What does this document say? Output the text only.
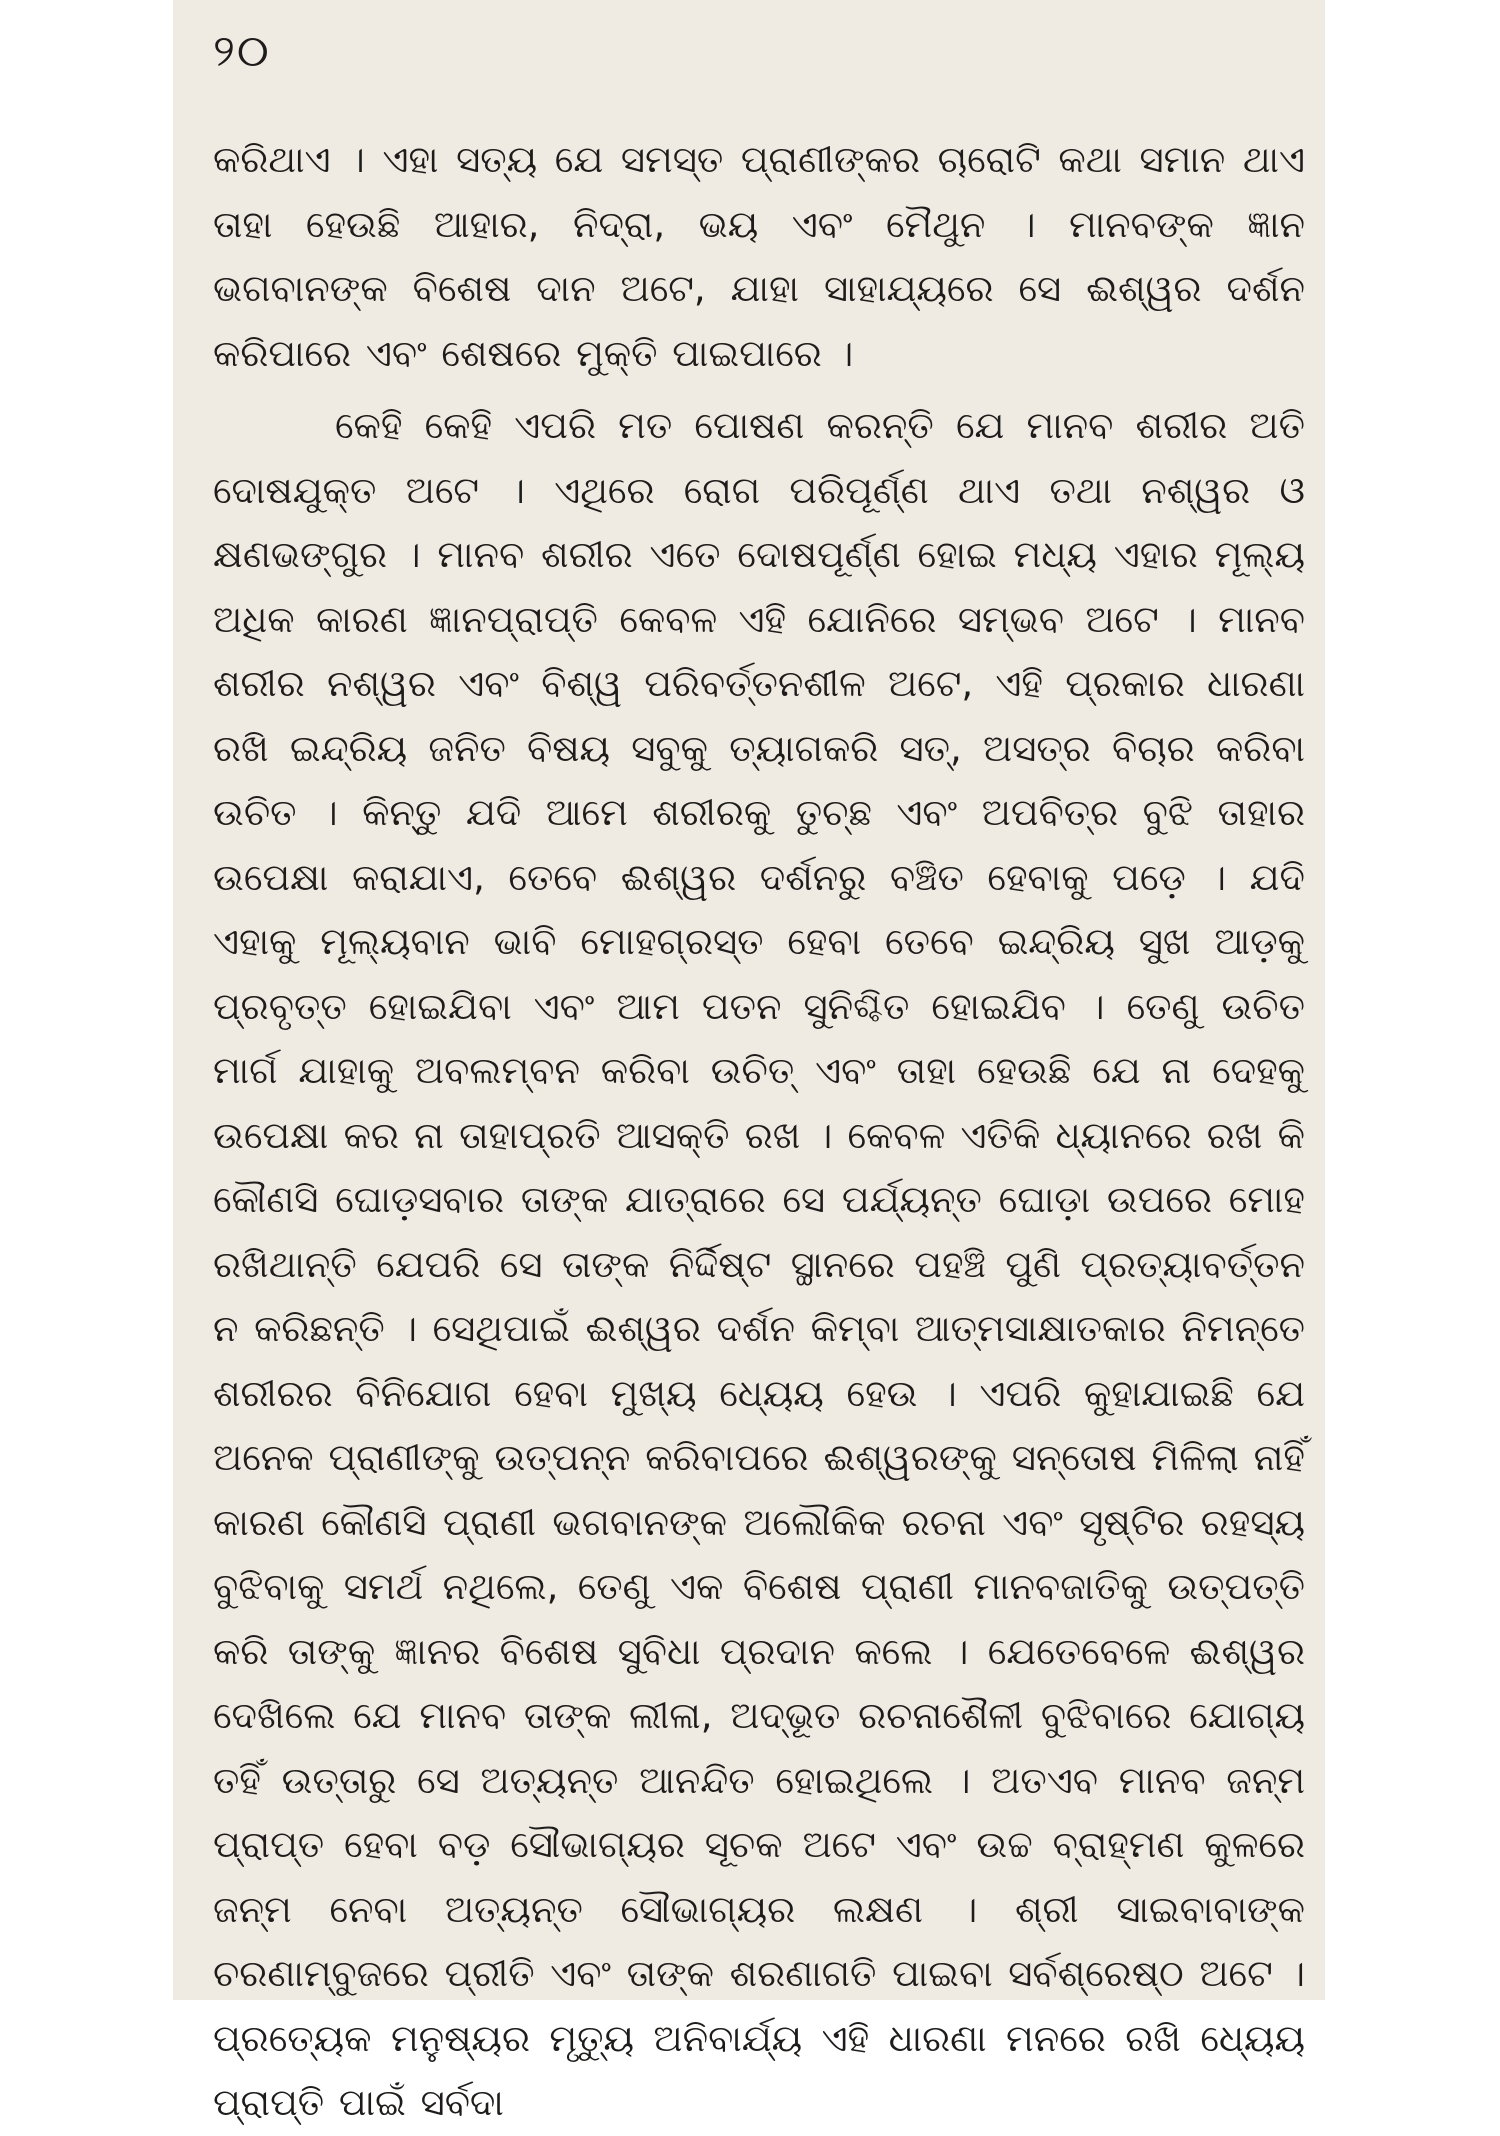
୨୦

କରିଥାଏ । ଏହା ସତ୍ୟ ଯେ ସମସ୍ତ ପ୍ରାଣୀଙ୍କର ଚାରୋଟି କଥା ସମାନ ଥାଏ ତାହା ହେଉଛି ଆହାର, ନିଦ୍ରା, ଭୟ ଏବଂ ମୈଥୁନ । ମାନବଙ୍କ ଜ୍ଞାନ ଭଗବାନଙ୍କ ବିଶେଷ ଦାନ ଅଟେ, ଯାହା ସାହାଯ୍ୟରେ ସେ ଈଶ୍ୱର ଦର୍ଶନ କରିପାରେ ଏବଂ ଶେଷରେ ମୁକ୍ତି ପାଇପାରେ ।

କେହି କେହି ଏପରି ମତ ପୋଷଣ କରନ୍ତି ଯେ ମାନବ ଶରୀର ଅତି ଦୋଷଯୁକ୍ତ ଅଟେ । ଏଥିରେ ରୋଗ ପରିପୂର୍ଣ୍ଣ ଥାଏ ତଥା ନଶ୍ୱର ଓ କ୍ଷଣଭଙ୍ଗୁର । ମାନବ ଶରୀର ଏତେ ଦୋଷପୂର୍ଣ୍ଣ ହୋଇ ମଧ୍ୟ ଏହାର ମୂଲ୍ୟ ଅଧିକ କାରଣ ଜ୍ଞାନପ୍ରାପ୍ତି କେବଳ ଏହି ଯୋନିରେ ସମ୍ଭବ ଅଟେ । ମାନବ ଶରୀର ନଶ୍ୱର ଏବଂ ବିଶ୍ୱ ପରିବର୍ତ୍ତନଶୀଳ ଅଟେ, ଏହି ପ୍ରକାର ଧାରଣା ରଖି ଇନ୍ଦ୍ରିୟ ଜନିତ ବିଷୟ ସବୁକୁ ତ୍ୟାଗକରି ସତ୍, ଅସତ୍‌ର ବିଚାର କରିବା ଉଚିତ । କିନ୍ତୁ ଯଦି ଆମେ ଶରୀରକୁ ତୁଚ୍ଛ ଏବଂ ଅପବିତ୍ର ବୁଝି ତାହାର ଉପେକ୍ଷା କରାଯାଏ, ତେବେ ଈଶ୍ୱର ଦର୍ଶନରୁ ବଞ୍ଚିତ ହେବାକୁ ପଡ଼େ । ଯଦି ଏହାକୁ ମୂଲ୍ୟବାନ ଭାବି ମୋହଗ୍ରସ୍ତ ହେବା ତେବେ ଇନ୍ଦ୍ରିୟ ସୁଖ ଆଡ଼କୁ ପ୍ରବୃତ୍ତ ହୋଇଯିବା ଏବଂ ଆମ ପତନ ସୁନିଶ୍ଚିତ ହୋଇଯିବ । ତେଣୁ ଉଚିତ ମାର୍ଗ ଯାହାକୁ ଅବଲମ୍ବନ କରିବା ଉଚିତ୍ ଏବଂ ତାହା ହେଉଛି ଯେ ନା ଦେହକୁ ଉପେକ୍ଷା କର ନା ତାହାପ୍ରତି ଆସକ୍ତି ରଖ । କେବଳ ଏତିକି ଧ୍ୟାନରେ ରଖ କି କୌଣସି ଘୋଡ଼ସବାର ତାଙ୍କ ଯାତ୍ରାରେ ସେ ପର୍ଯ୍ୟନ୍ତ ଘୋଡ଼ା ଉପରେ ମୋହ ରଖିଥାନ୍ତି ଯେପରି ସେ ତାଙ୍କ ନିର୍ଦ୍ଦିଷ୍ଟ ସ୍ଥାନରେ ପହଞ୍ଚି ପୁଣି ପ୍ରତ୍ୟାବର୍ତ୍ତନ ନ କରିଛନ୍ତି । ସେଥିପାଇଁ ଈଶ୍ୱର ଦର୍ଶନ କିମ୍ବା ଆତ୍ମସାକ୍ଷାତକାର ନିମନ୍ତେ ଶରୀରର ବିନିଯୋଗ ହେବା ମୁଖ୍ୟ ଧ୍ୟେୟ ହେଉ । ଏପରି କୁହାଯାଇଛି ଯେ ଅନେକ ପ୍ରାଣୀଙ୍କୁ ଉତ୍ପନ୍ନ କରିବାପରେ ଈଶ୍ୱରଙ୍କୁ ସନ୍ତୋଷ ମିଳିଲା ନାହିଁ କାରଣ କୌଣସି ପ୍ରାଣୀ ଭଗବାନଙ୍କ ଅଲୌକିକ ରଚନା ଏବଂ ସୃଷ୍ଟିର ରହସ୍ୟ ବୁଝିବାକୁ ସମର୍ଥ ନଥିଲେ, ତେଣୁ ଏକ ବିଶେଷ ପ୍ରାଣୀ ମାନବଜାତିକୁ ଉତ୍ପତ୍ତି କରି ତାଙ୍କୁ ଜ୍ଞାନର ବିଶେଷ ସୁବିଧା ପ୍ରଦାନ କଲେ । ଯେତେବେଳେ ଈଶ୍ୱର ଦେଖିଲେ ଯେ ମାନବ ତାଙ୍କ ଲୀଳା, ଅଦ୍‌ଭୂତ ରଚନାଶୈଳୀ ବୁଝିବାରେ ଯୋଗ୍ୟ ତହିଁ ଉତ୍ତାରୁ ସେ ଅତ୍ୟନ୍ତ ଆନନ୍ଦିତ ହୋଇଥିଲେ । ଅତଏବ ମାନବ ଜନ୍ମ ପ୍ରାପ୍ତ ହେବା ବଡ଼ ସୌଭାଗ୍ୟର ସୂଚକ ଅଟେ ଏବଂ ଉଚ୍ଚ ବ୍ରାହ୍ମଣ କୁଳରେ ଜନ୍ମ ନେବା ଅତ୍ୟନ୍ତ ସୌଭାଗ୍ୟର ଲକ୍ଷଣ । ଶ୍ରୀ ସାଇବାବାଙ୍କ ଚରଣାମ୍ବୁଜରେ ପ୍ରୀତି ଏବଂ ତାଙ୍କ ଶରଣାଗତି ପାଇବା ସର୍ବଶ୍ରେଷ୍ଠ ଅଟେ । ପ୍ରତ୍ୟେକ ମନୁଷ୍ୟର ମୃତ୍ୟୁ ଅନିବାର୍ଯ୍ୟ ଏହି ଧାରଣା ମନରେ ରଖି ଧ୍ୟେୟ ପ୍ରାପ୍ତି ପାଇଁ ସର୍ବଦା
